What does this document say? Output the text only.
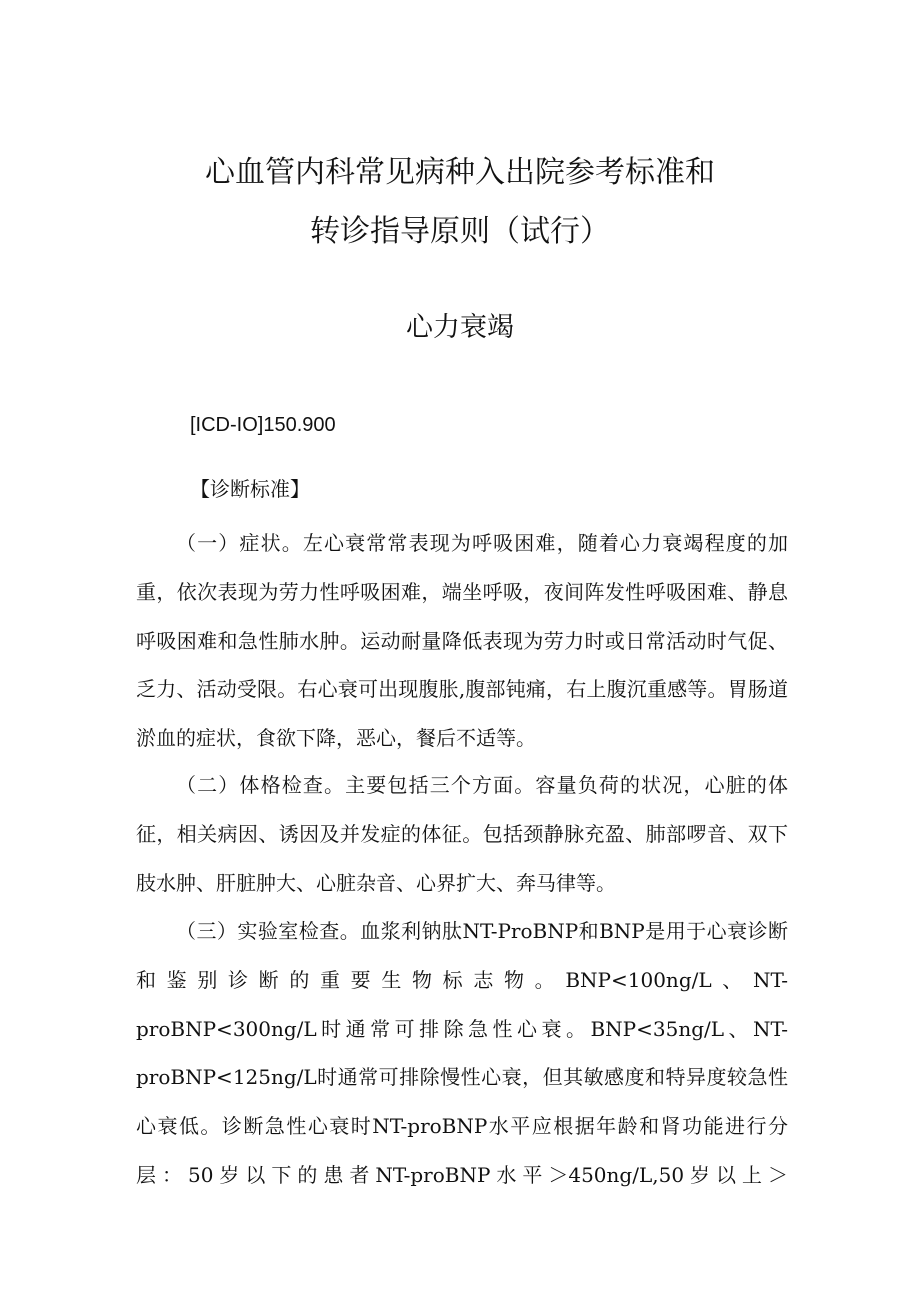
心血管内科常见病种入出院参考标准和
转诊指导原则（试行）
心力衰竭
[ICD-IO]150.900
【诊断标准】

（一）症状。左心衰常常表现为呼吸困难，随着心力衰竭程度的加重，依次表现为劳力性呼吸困难，端坐呼吸，夜间阵发性呼吸困难、静息呼吸困难和急性肺水肿。运动耐量降低表现为劳力时或日常活动时气促、乏力、活动受限。右心衰可出现腹胀,腹部钝痛，右上腹沉重感等。胃肠道淤血的症状，食欲下降，恶心，餐后不适等。

（二）体格检查。主要包括三个方面。容量负荷的状况，心脏的体征，相关病因、诱因及并发症的体征。包括颈静脉充盈、肺部啰音、双下肢水肿、肝脏肿大、心脏杂音、心界扩大、奔马律等。

（三）实验室检查。血浆利钠肽NT-ProBNP和BNP是用于心衰诊断和鉴别诊断的重要生物标志物。BNP<100ng/L、NT-proBNP<300ng/L时通常可排除急性心衰。BNP<35ng/L、NT-proBNP<125ng/L时通常可排除慢性心衰，但其敏感度和特异度较急性心衰低。诊断急性心衰时NT-proBNP水平应根据年龄和肾功能进行分层：50岁以下的患者NT-proBNP水平＞450ng/L,50岁以上＞
